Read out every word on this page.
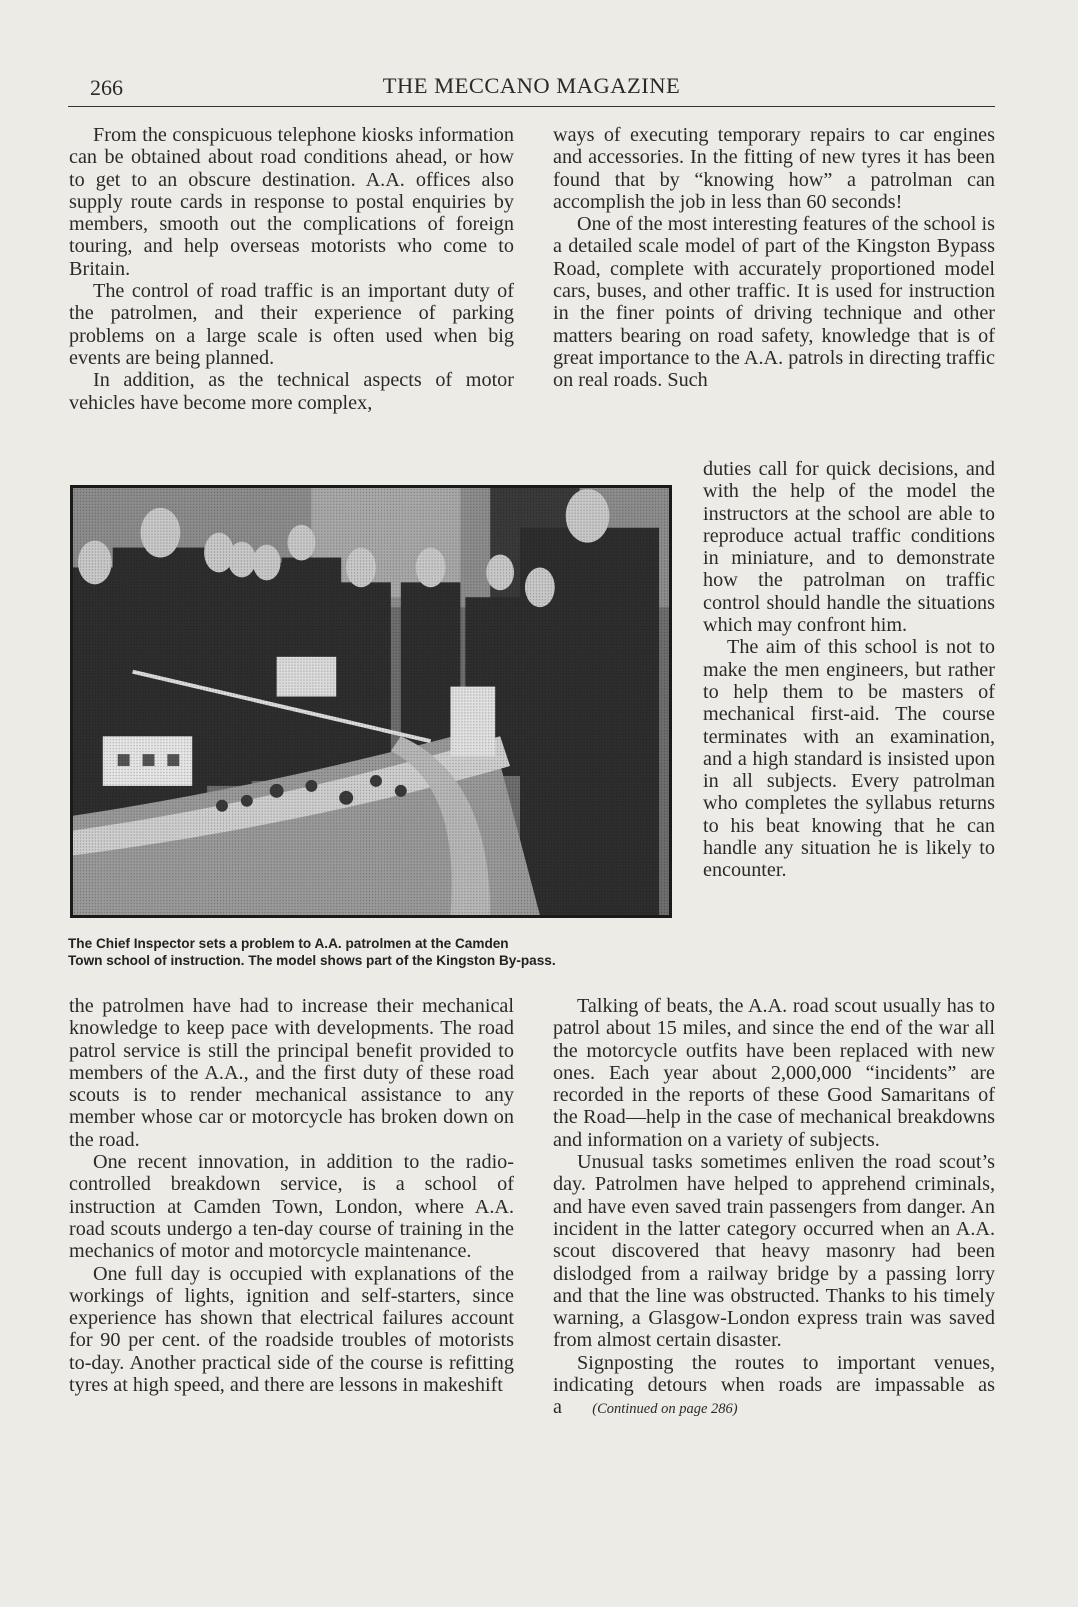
266	THE MECCANO MAGAZINE

From the conspicuous telephone kiosks information can be obtained about road conditions ahead, or how to get to an obscure destination. A.A. offices also supply route cards in response to postal enquiries by members, smooth out the complications of foreign touring, and help overseas motorists who come to Britain.

The control of road traffic is an important duty of the patrolmen, and their experience of parking problems on a large scale is often used when big events are being planned.

In addition, as the technical aspects of motor vehicles have become more complex,

ways of executing temporary repairs to car engines and accessories. In the fitting of new tyres it has been found that by “knowing how” a patrolman can accomplish the job in less than 60 seconds!

One of the most interesting features of the school is a detailed scale model of part of the Kingston Bypass Road, complete with accurately proportioned model cars, buses, and other traffic. It is used for instruction in the finer points of driving technique and other matters bearing on road safety, knowledge that is of great importance to the A.A. patrols in directing traffic on real roads. Such

duties call for quick decisions, and with the help of the model the instructors at the school are able to reproduce actual traffic conditions in miniature, and to demonstrate how the patrolman on traffic control should handle the situations which may confront him.

The aim of this school is not to make the men engineers, but rather to help them to be masters of mechanical first-aid. The course terminates with an examination, and a high standard is insisted upon in all subjects. Every patrolman who completes the syllabus returns to his beat knowing that he can handle any situation he is likely to encounter.

The Chief Inspector sets a problem to A.A. patrolmen at the Camden
Town school of instruction. The model shows part of the Kingston By-pass.

the patrolmen have had to increase their mechanical knowledge to keep pace with developments. The road patrol service is still the principal benefit provided to members of the A.A., and the first duty of these road scouts is to render mechanical assistance to any member whose car or motorcycle has broken down on the road.

One recent innovation, in addition to the radio-controlled breakdown service, is a school of instruction at Camden Town, London, where A.A. road scouts undergo a ten-day course of training in the mechanics of motor and motorcycle maintenance.

One full day is occupied with explanations of the workings of lights, ignition and self-starters, since experience has shown that electrical failures account for 90 per cent. of the roadside troubles of motorists to-day. Another practical side of the course is refitting tyres at high speed, and there are lessons in makeshift

Talking of beats, the A.A. road scout usually has to patrol about 15 miles, and since the end of the war all the motorcycle outfits have been replaced with new ones. Each year about 2,000,000 “incidents” are recorded in the reports of these Good Samaritans of the Road—help in the case of mechanical breakdowns and information on a variety of subjects.

Unusual tasks sometimes enliven the road scout’s day. Patrolmen have helped to apprehend criminals, and have even saved train passengers from danger. An incident in the latter category occurred when an A.A. scout discovered that heavy masonry had been dislodged from a railway bridge by a passing lorry and that the line was obstructed. Thanks to his timely warning, a Glasgow-London express train was saved from almost certain disaster.

Signposting the routes to important venues, indicating detours when roads are impassable as a (Continued on page 286)
